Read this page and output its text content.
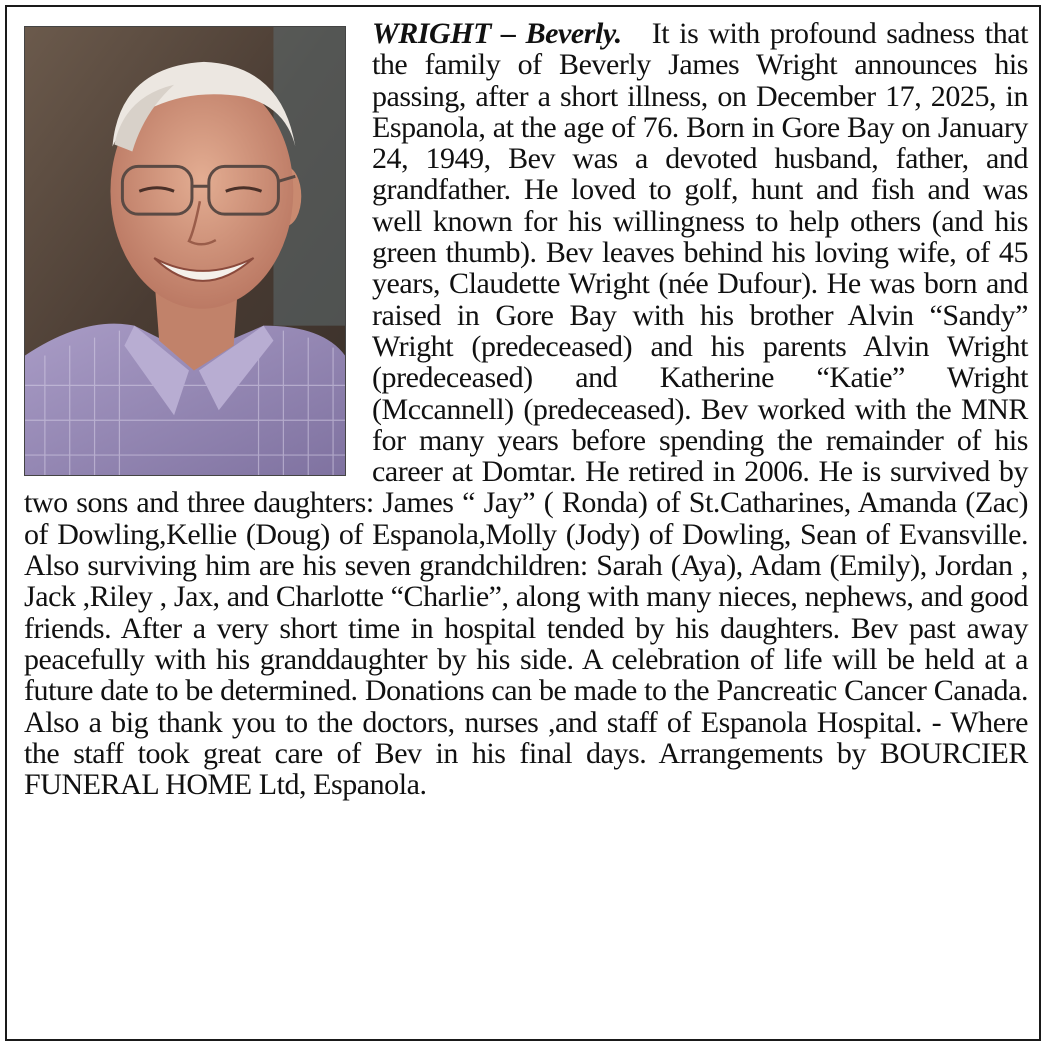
WRIGHT – Beverly. It is with profound sadness that the family of Beverly James Wright announces his passing, after a short illness, on December 17, 2025, in Espanola, at the age of 76. Born in Gore Bay on January 24, 1949, Bev was a devoted husband, father, and grandfather. He loved to golf, hunt and fish and was well known for his willingness to help others (and his green thumb). Bev leaves behind his loving wife, of 45 years, Claudette Wright (née Dufour). He was born and raised in Gore Bay with his brother Alvin “Sandy” Wright (predeceased) and his parents Alvin Wright (predeceased) and Katherine “Katie” Wright (Mccannell) (predeceased). Bev worked with the MNR for many years before spending the remainder of his career at Domtar. He retired in 2006. He is survived by two sons and three daughters: James “ Jay” ( Ronda) of St.Catharines, Amanda (Zac) of Dowling,Kellie (Doug) of Espanola,Molly (Jody) of Dowling, Sean of Evansville. Also surviving him are his seven grandchildren: Sarah (Aya), Adam (Emily), Jordan , Jack ,Riley , Jax, and Charlotte “Charlie”, along with many nieces, nephews, and good friends. After a very short time in hospital tended by his daughters. Bev past away peacefully with his granddaughter by his side. A celebration of life will be held at a future date to be determined. Donations can be made to the Pancreatic Cancer Canada. Also a big thank you to the doctors, nurses ,and staff of Espanola Hospital. - Where the staff took great care of Bev in his final days. Arrangements by BOURCIER FUNERAL HOME Ltd, Espanola.
